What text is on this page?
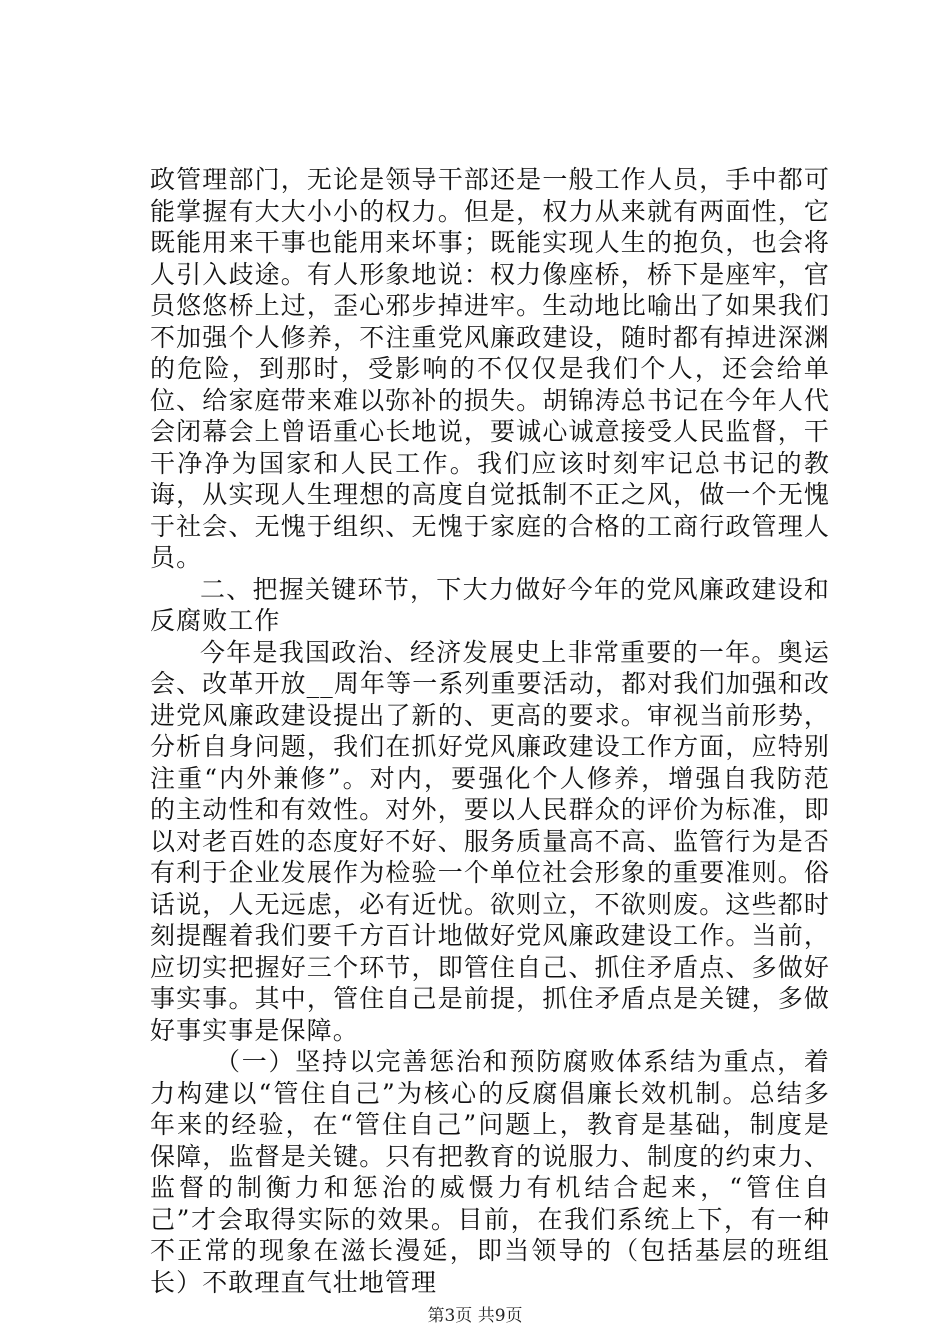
政管理部门，无论是领导干部还是一般工作人员，手中都可能掌握有大大小小的权力。但是，权力从来就有两面性，它既能用来干事也能用来坏事；既能实现人生的抱负，也会将人引入歧途。有人形象地说：权力像座桥，桥下是座牢，官员悠悠桥上过，歪心邪步掉进牢。生动地比喻出了如果我们不加强个人修养，不注重党风廉政建设，随时都有掉进深渊的危险，到那时，受影响的不仅仅是我们个人，还会给单位、给家庭带来难以弥补的损失。胡锦涛总书记在今年人代会闭幕会上曾语重心长地说，要诚心诚意接受人民监督，干干净净为国家和人民工作。我们应该时刻牢记总书记的教诲，从实现人生理想的高度自觉抵制不正之风，做一个无愧于社会、无愧于组织、无愧于家庭的合格的工商行政管理人员。

二、把握关键环节，下大力做好今年的党风廉政建设和反腐败工作

今年是我国政治、经济发展史上非常重要的一年。奥运会、改革开放__周年等一系列重要活动，都对我们加强和改进党风廉政建设提出了新的、更高的要求。审视当前形势，分析自身问题，我们在抓好党风廉政建设工作方面，应特别注重“内外兼修”。对内，要强化个人修养，增强自我防范的主动性和有效性。对外，要以人民群众的评价为标准，即以对老百姓的态度好不好、服务质量高不高、监管行为是否有利于企业发展作为检验一个单位社会形象的重要准则。俗话说，人无远虑，必有近忧。欲则立，不欲则废。这些都时刻提醒着我们要千方百计地做好党风廉政建设工作。当前，应切实把握好三个环节，即管住自己、抓住矛盾点、多做好事实事。其中，管住自己是前提，抓住矛盾点是关键，多做好事实事是保障。

（一）坚持以完善惩治和预防腐败体系结为重点，着力构建以“管住自己”为核心的反腐倡廉长效机制。总结多年来的经验，在“管住自己”问题上，教育是基础，制度是保障，监督是关键。只有把教育的说服力、制度的约束力、监督的制衡力和惩治的威慑力有机结合起来，“管住自己”才会取得实际的效果。目前，在我们系统上下，有一种不正常的现象在滋长漫延，即当领导的（包括基层的班组长）不敢理直气壮地管理

第3页 共9页
